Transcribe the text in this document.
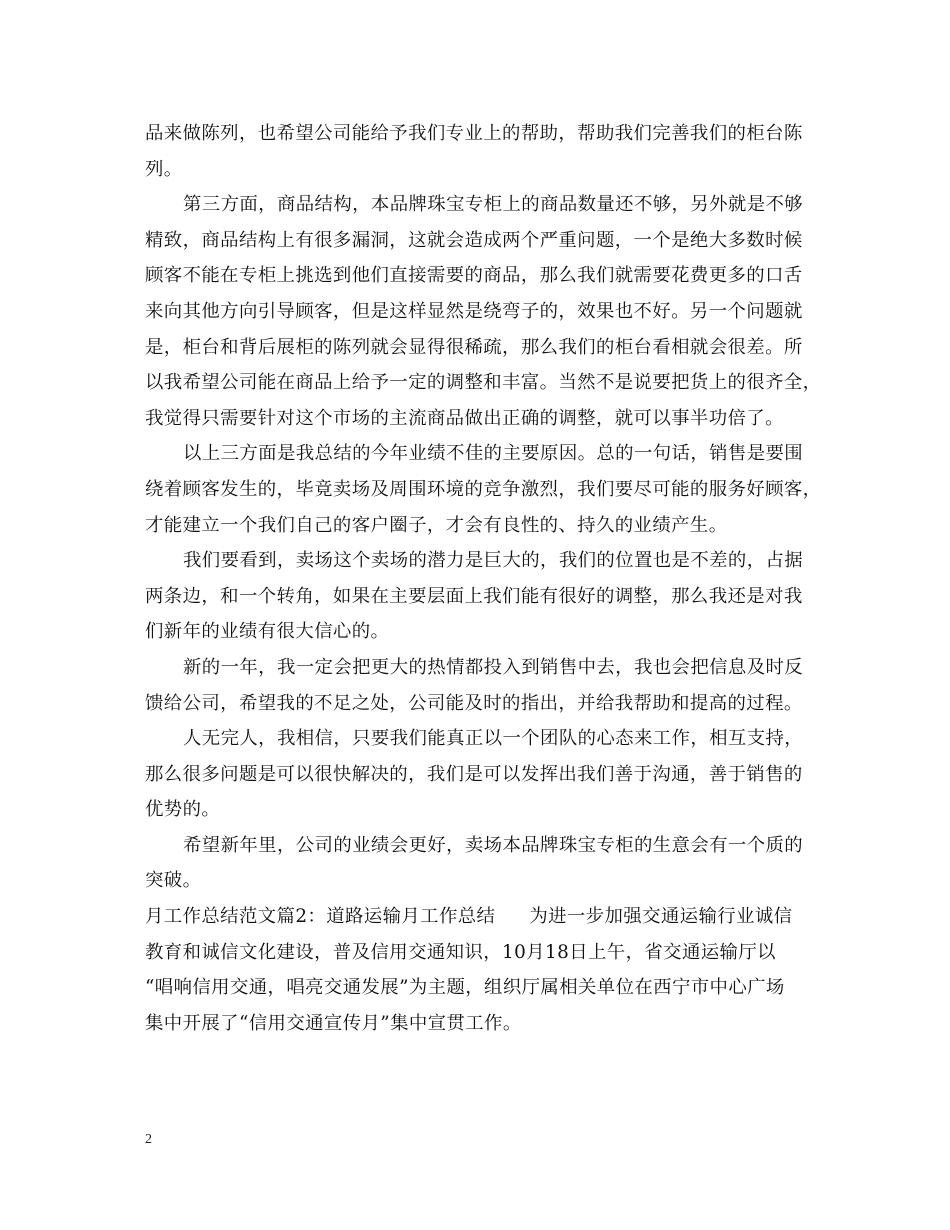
品来做陈列，也希望公司能给予我们专业上的帮助，帮助我们完善我们的柜台陈
列。
第三方面，商品结构，本品牌珠宝专柜上的商品数量还不够，另外就是不够
精致，商品结构上有很多漏洞，这就会造成两个严重问题，一个是绝大多数时候
顾客不能在专柜上挑选到他们直接需要的商品，那么我们就需要花费更多的口舌
来向其他方向引导顾客，但是这样显然是绕弯子的，效果也不好。另一个问题就
是，柜台和背后展柜的陈列就会显得很稀疏，那么我们的柜台看相就会很差。所
以我希望公司能在商品上给予一定的调整和丰富。当然不是说要把货上的很齐全，
我觉得只需要针对这个市场的主流商品做出正确的调整，就可以事半功倍了。
以上三方面是我总结的今年业绩不佳的主要原因。总的一句话，销售是要围
绕着顾客发生的，毕竟卖场及周围环境的竞争激烈，我们要尽可能的服务好顾客，
才能建立一个我们自己的客户圈子，才会有良性的、持久的业绩产生。
我们要看到，卖场这个卖场的潜力是巨大的，我们的位置也是不差的，占据
两条边，和一个转角，如果在主要层面上我们能有很好的调整，那么我还是对我
们新年的业绩有很大信心的。
新的一年，我一定会把更大的热情都投入到销售中去，我也会把信息及时反
馈给公司，希望我的不足之处，公司能及时的指出，并给我帮助和提高的过程。
人无完人，我相信，只要我们能真正以一个团队的心态来工作，相互支持，
那么很多问题是可以很快解决的，我们是可以发挥出我们善于沟通，善于销售的
优势的。
希望新年里，公司的业绩会更好，卖场本品牌珠宝专柜的生意会有一个质的
突破。
月工作总结范文篇2：道路运输月工作总结 为进一步加强交通运输行业诚信
教育和诚信文化建设，普及信用交通知识，10月18日上午，省交通运输厅以
“唱响信用交通，唱亮交通发展”为主题，组织厅属相关单位在西宁市中心广场
集中开展了“信用交通宣传月”集中宣贯工作。
2
